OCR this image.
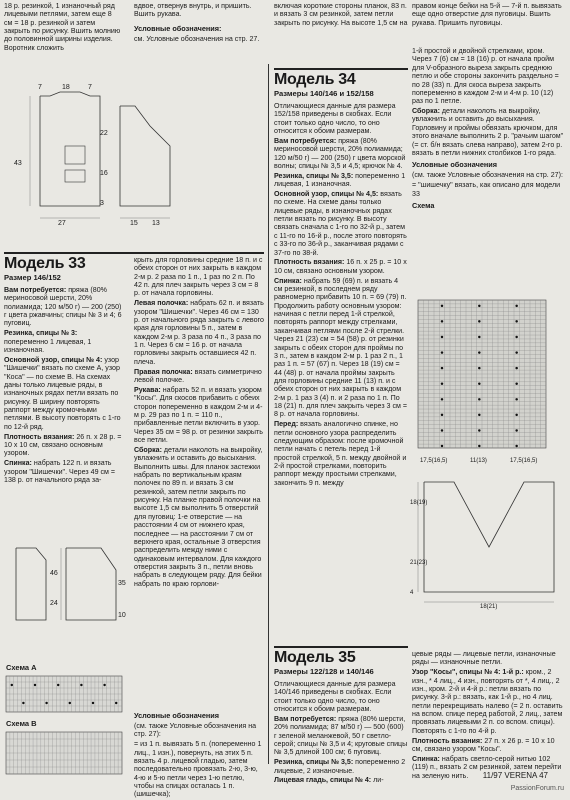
18 р. резинкой, 1 изнаночный ряд лицевыми петлями, затем еще 8 см = 18 р. резинкой и затем закрыть по рисунку. Вшить молнию до половинной ширины изделия. Воротник сложить

7	18	7
43
22
16
3
27	15 13

вдвое, отвернув внутрь, и пришить. Вшить рукава.

Условные обозначения:

см. Условные обозначения на стр. 27.

Модель 33
Размер 146/152

Вам потребуется: пряжа (80% мериносовой шерсти, 20% полиамида; 120 м/50 г) — 200 (250) г цвета ржавчины; спицы № 3 и 4; 6 пуговиц.

Резинка, спицы № 3: попеременно 1 лицевая, 1 изнаночная.

Основной узор, спицы № 4: узор "Шишечки" вязать по схеме А, узор "Коса" — по схеме В. На схемах даны только лицевые ряды, в изнаночных рядах петли вязать по рисунку. В ширину повторять раппорт между кромочными петлями. В высоту повторять с 1-го по 12-й ряд.

Плотность вязания: 26 п. х 28 р. = 10 х 10 см, связано основным узором.

Спинка: набрать 122 п. и вязать узором "Шишечки". Через 49 см = 138 р. от начального ряда за-

крыть для горловины средние 18 п. и с обеих сторон от них закрыть в каждом 2-м р. 2 раза по 1 п., 1 раз по 2 п. По 42 п. для плеч закрыть через 3 см = 8 р. от начала горловины.

Левая полочка: набрать 62 п. и вязать узором "Шишечки". Через 46 см = 130 р. от начального ряда закрыть с левого края для горловины 5 п., затем в каждом 2-м р. 3 раза по 4 п., 3 раза по 1 п. Через 6 см = 16 р. от начала горловины закрыть оставшиеся 42 п. плеча.

Правая полочка: вязать симметрично левой полочке.

Рукава: набрать 52 п. и вязать узором "Косы". Для скосов прибавить с обеих сторон попеременно в каждом 2-м и 4-м р. 29 раз по 1 п. = 110 п., прибавленные петли включить в узор. Через 35 см = 98 р. от резинки закрыть все петли.

Сборка: детали наколоть на выкройку, увлажнить и оставить до высыхания. Выполнить швы. Для планок застежки набрать по вертикальным краям полочек по 89 п. и вязать 3 см резинкой, затем петли закрыть по рисунку. На планке правой полочки на высоте 1,5 см выполнить 5 отверстий для пуговиц: 1-е отверстие — на расстоянии 4 см от нижнего края, последнее — на расстоянии 7 см от верхнего края, остальные 3 отверстия распределить между ними с одинаковым интервалом. Для каждого отверстия закрыть 3 п., петли вновь набрать в следующем ряду. Для бейки набрать по краю горлови-

46
24
35
10
Схема А
Схема В

Условные обозначения

(см. также Условные обозначения на стр. 27):

= из 1 п. вывязать 5 п. (попеременно 1 лиц., 1 изн.), повернуть, на этих 5 п. вязать 4 р. лицевой гладью, затем последовательно провязать 2-ю, 3-ю, 4-ю и 5-ю петли через 1-ю петлю, чтобы на спицах осталась 1 п. (шишечка);

включая короткие стороны планок, 83 п. и вязать 3 см резинкой, затем петли закрыть по рисунку. На высоте 1,5 см на

Модель 34
Размеры 140/146 и 152/158

Отличающиеся данные для размера 152/158 приведены в скобках. Если стоит только одно число, то оно относится к обоим размерам.

Вам потребуется: пряжа (80% мериносовой шерсти, 20% полиамида; 120 м/50 г) — 200 (250) г цвета морской волны; спицы № 3,5 и 4,5; крючок № 4.

Резинка, спицы № 3,5: попеременно 1 лицевая, 1 изнаночная.

Основной узор, спицы № 4,5: вязать по схеме. На схеме даны только лицевые ряды, в изнаночных рядах петли вязать по рисунку. В высоту связать сначала с 1-го по 32-й р., затем с 11-го по 16-й р., после этого повторять с 33-го по 36-й р., заканчивая рядами с 37-го по 38-й.

Плотность вязания: 16 п. х 25 р. = 10 х 10 см, связано основным узором.

Спинка: набрать 59 (69) п. и вязать 4 см резинкой, в последнем ряду равномерно прибавить 10 п. = 69 (79) п. Продолжить работу основным узором: начиная с петли перед 1-й стрелкой, повторять раппорт между стрелками, заканчивая петлями после 2-й стрелки. Через 21 (23) см = 54 (58) р. от резинки закрыть с обеих сторон для проймы по 3 п., затем в каждом 2-м р. 1 раз 2 п., 1 раз 1 п. = 57 (67) п. Через 18 (19) см = 44 (48) р. от начала проймы закрыть для горловины средние 11 (13) п. и с обеих сторон от них закрыть в каждом 2-м р. 1 раз 3 (4) п. и 2 раза по 1 п. По 18 (21) п. для плеч закрыть через 3 см = 8 р. от начала горловины.

Перед: вязать аналогично спинке, но петли основного узора распределить следующим образом: после кромочной петли начать с петель перед 1-й простой стрелкой, 5 п. между двойной и 2-й простой стрелками, повторить раппорт между простыми стрелками, закончить 9 п. между

Модель 35
Размеры 122/128 и 140/146

Отличающиеся данные для размера 140/146 приведены в скобках. Если стоит только одно число, то оно относится к обоим размерам.

Вам потребуется: пряжа (80% шерсти, 20% полиамида; 87 м/50 г) — 500 (600) г зеленой меланжевой, 50 г светло-серой; спицы № 3,5 и 4; круговые спицы № 3,5 длиной 100 см; 6 пуговиц.

Резинка, спицы № 3,5: попеременно 2 лицевые, 2 изнаночные.

Лицевая гладь, спицы № 4: ли-

правом конце бейки на 5-й — 7-й п. вывязать еще одно отверстие для пуговицы. Вшить рукава. Пришить пуговицы.

1-й простой и двойной стрелками, кром. Через 7 (6) см = 18 (16) р. от начала пройм для V-образного выреза закрыть среднюю петлю и обе стороны закончить раздельно = по 28 (33) п. Для скоса выреза закрыть попеременно в каждом 2-м и 4-м р. 10 (12) раз по 1 петле.

Сборка: детали наколоть на выкройку, увлажнить и оставить до высыхания. Горловину и проймы обвязать крючком, для этого вначале выполнить 2 р. "рачьим шагом" (= ст. б/н вязать слева направо), затем 2-го р. вязать в петли нижних столбиков 1-го ряда.

Условные обозначения

(см. также Условные обозначения на стр. 27):

= "шишечку" вязать, как описано для модели 33

Схема

17,5(16,5)	11(13)	17,5(16,5)
18(19)
21(23)
4
18(21)

цевые ряды — лицевые петли, изнаночные ряды — изнаночные петли.

Узор "Косы", спицы № 4: 1-й р.: кром., 2 изн., * 4 лиц., 4 изн., повторять от *, 4 лиц., 2 изн., кром. 2-й и 4-й р.: петли вязать по рисунку. 3-й р.: вязать, как 1-й р., но 4 лиц. петли перекрещивать налево (= 2 п. оставить на вспом. спице перед работой, 2 лиц., затем провязать лицевыми 2 п. со вспом. спицы). Повторять с 1-го по 4-й р.

Плотность вязания: 27 п. х 26 р. = 10 х 10 см, связано узором "Косы".

Спинка: набрать светло-серой нитью 102 (119) п., вязать 2 см резинкой, затем перейти на зеленую нить.	11/97 VERENA 47
PassionForum.ru
